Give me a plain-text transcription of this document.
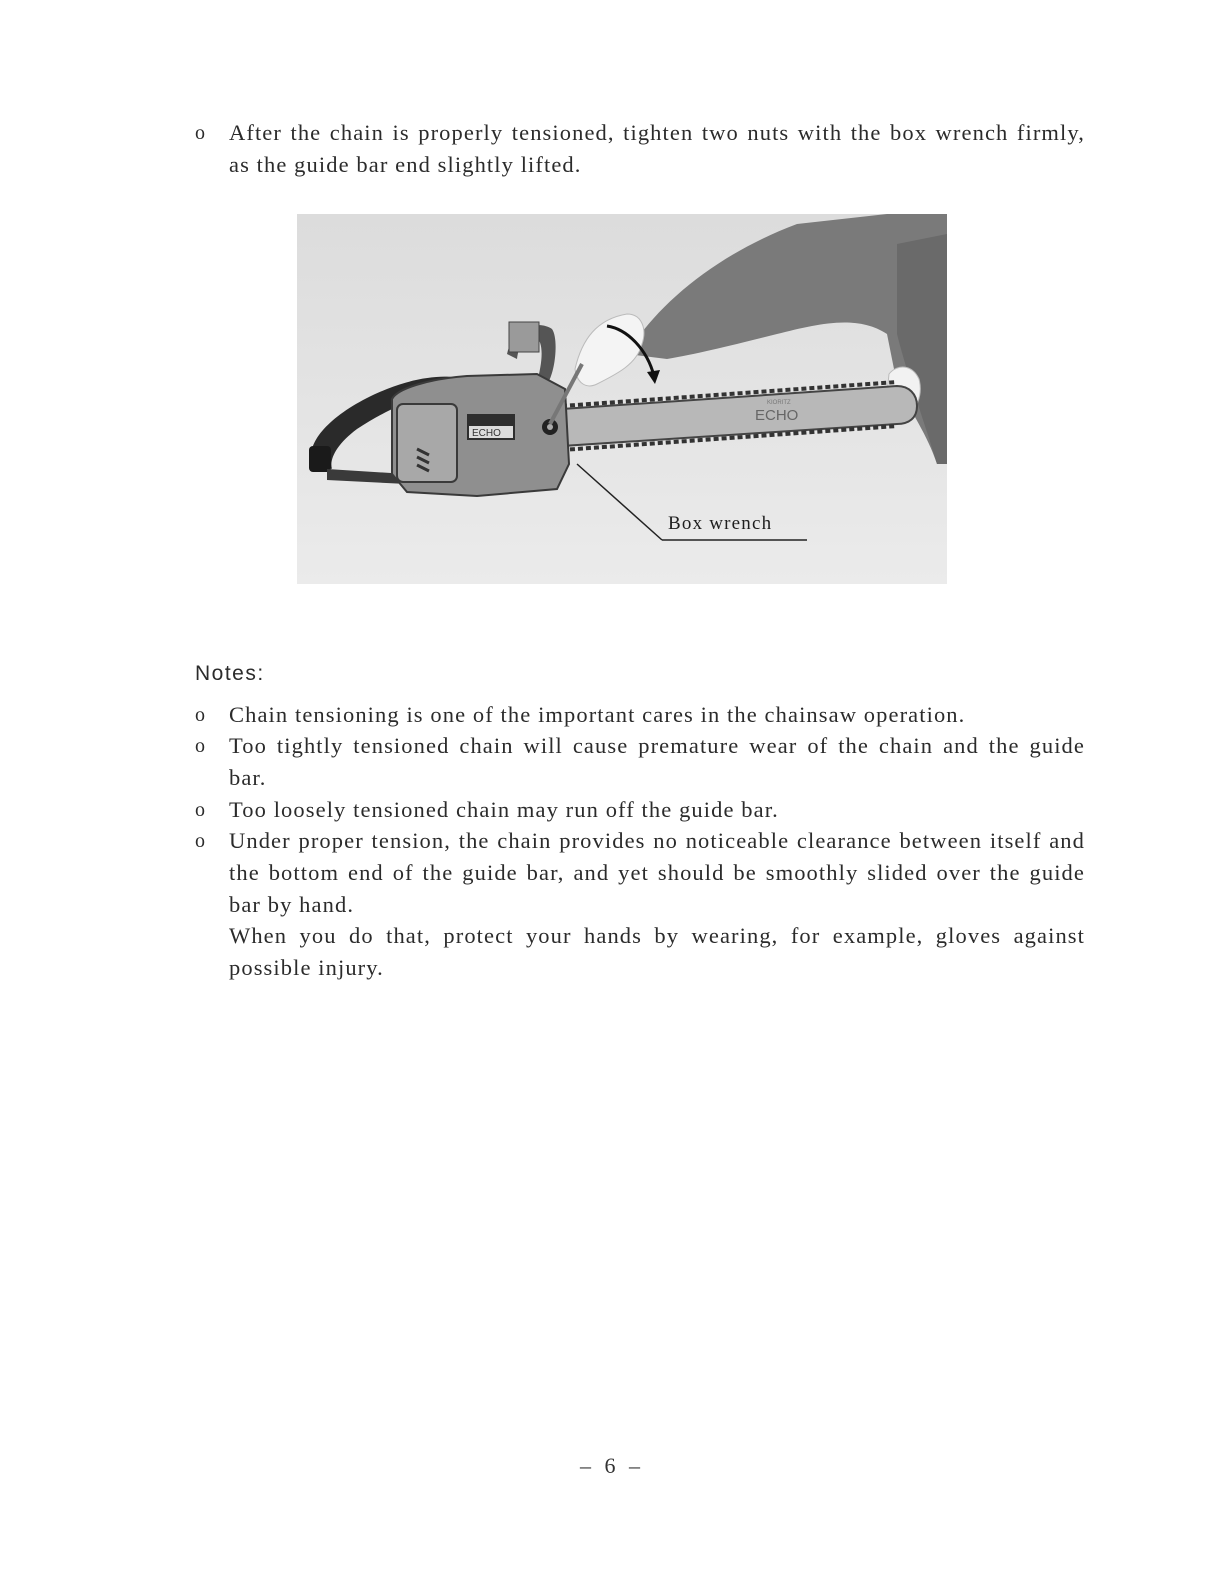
o	After the chain is properly tensioned, tighten two nuts with the box wrench firmly, as the guide bar end slightly lifted.
ECHO
KIORITZ
ECHO
Box wrench
Notes:
o	Chain tensioning is one of the important cares in the chainsaw operation.
o	Too tightly tensioned chain will cause premature wear of the chain and the guide bar.
o	Too loosely tensioned chain may run off the guide bar.
o	Under proper tension, the chain provides no noticeable clearance between itself and the bottom end of the guide bar, and yet should be smoothly slided over the guide bar by hand.
When you do that, protect your hands by wearing, for example, gloves against possible injury.
– 6 –
